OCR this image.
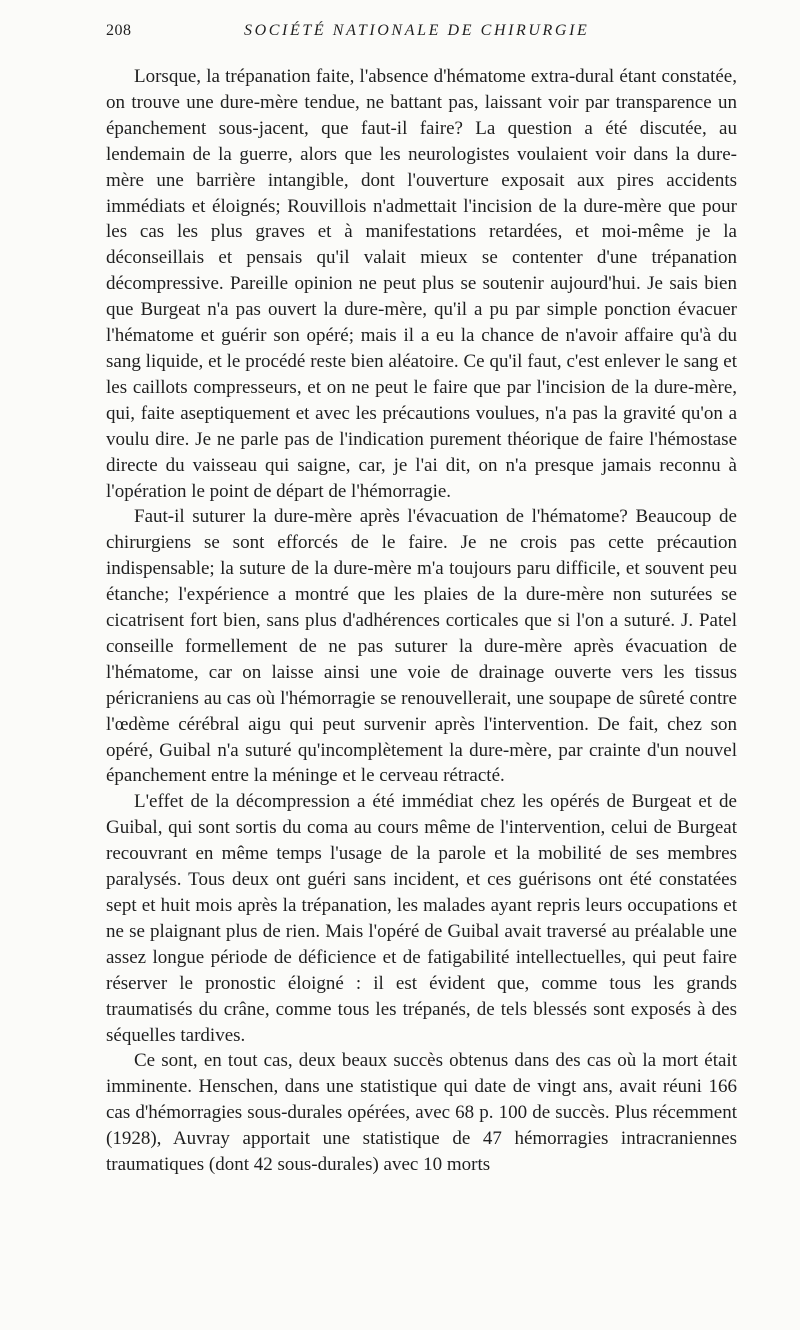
208	SOCIÉTÉ NATIONALE DE CHIRURGIE

Lorsque, la trépanation faite, l'absence d'hématome extra-dural étant constatée, on trouve une dure-mère tendue, ne battant pas, laissant voir par transparence un épanchement sous-jacent, que faut-il faire? La question a été discutée, au lendemain de la guerre, alors que les neurologistes voulaient voir dans la dure-mère une barrière intangible, dont l'ouverture exposait aux pires accidents immédiats et éloignés; Rouvillois n'admettait l'incision de la dure-mère que pour les cas les plus graves et à manifestations retardées, et moi-même je la déconseillais et pensais qu'il valait mieux se contenter d'une trépanation décompressive. Pareille opinion ne peut plus se soutenir aujourd'hui. Je sais bien que Burgeat n'a pas ouvert la dure-mère, qu'il a pu par simple ponction évacuer l'hématome et guérir son opéré; mais il a eu la chance de n'avoir affaire qu'à du sang liquide, et le procédé reste bien aléatoire. Ce qu'il faut, c'est enlever le sang et les caillots compresseurs, et on ne peut le faire que par l'incision de la dure-mère, qui, faite aseptiquement et avec les précautions voulues, n'a pas la gravité qu'on a voulu dire. Je ne parle pas de l'indication purement théorique de faire l'hémostase directe du vaisseau qui saigne, car, je l'ai dit, on n'a presque jamais reconnu à l'opération le point de départ de l'hémorragie.

Faut-il suturer la dure-mère après l'évacuation de l'hématome? Beaucoup de chirurgiens se sont efforcés de le faire. Je ne crois pas cette précaution indispensable; la suture de la dure-mère m'a toujours paru difficile, et souvent peu étanche; l'expérience a montré que les plaies de la dure-mère non suturées se cicatrisent fort bien, sans plus d'adhérences corticales que si l'on a suturé. J. Patel conseille formellement de ne pas suturer la dure-mère après évacuation de l'hématome, car on laisse ainsi une voie de drainage ouverte vers les tissus péricraniens au cas où l'hémorragie se renouvellerait, une soupape de sûreté contre l'œdème cérébral aigu qui peut survenir après l'intervention. De fait, chez son opéré, Guibal n'a suturé qu'incomplètement la dure-mère, par crainte d'un nouvel épanchement entre la méninge et le cerveau rétracté.

L'effet de la décompression a été immédiat chez les opérés de Burgeat et de Guibal, qui sont sortis du coma au cours même de l'intervention, celui de Burgeat recouvrant en même temps l'usage de la parole et la mobilité de ses membres paralysés. Tous deux ont guéri sans incident, et ces guérisons ont été constatées sept et huit mois après la trépanation, les malades ayant repris leurs occupations et ne se plaignant plus de rien. Mais l'opéré de Guibal avait traversé au préalable une assez longue période de déficience et de fatigabilité intellectuelles, qui peut faire réserver le pronostic éloigné : il est évident que, comme tous les grands traumatisés du crâne, comme tous les trépanés, de tels blessés sont exposés à des séquelles tardives.

Ce sont, en tout cas, deux beaux succès obtenus dans des cas où la mort était imminente. Henschen, dans une statistique qui date de vingt ans, avait réuni 166 cas d'hémorragies sous-durales opérées, avec 68 p. 100 de succès. Plus récemment (1928), Auvray apportait une statistique de 47 hémorragies intracraniennes traumatiques (dont 42 sous-durales) avec 10 morts
